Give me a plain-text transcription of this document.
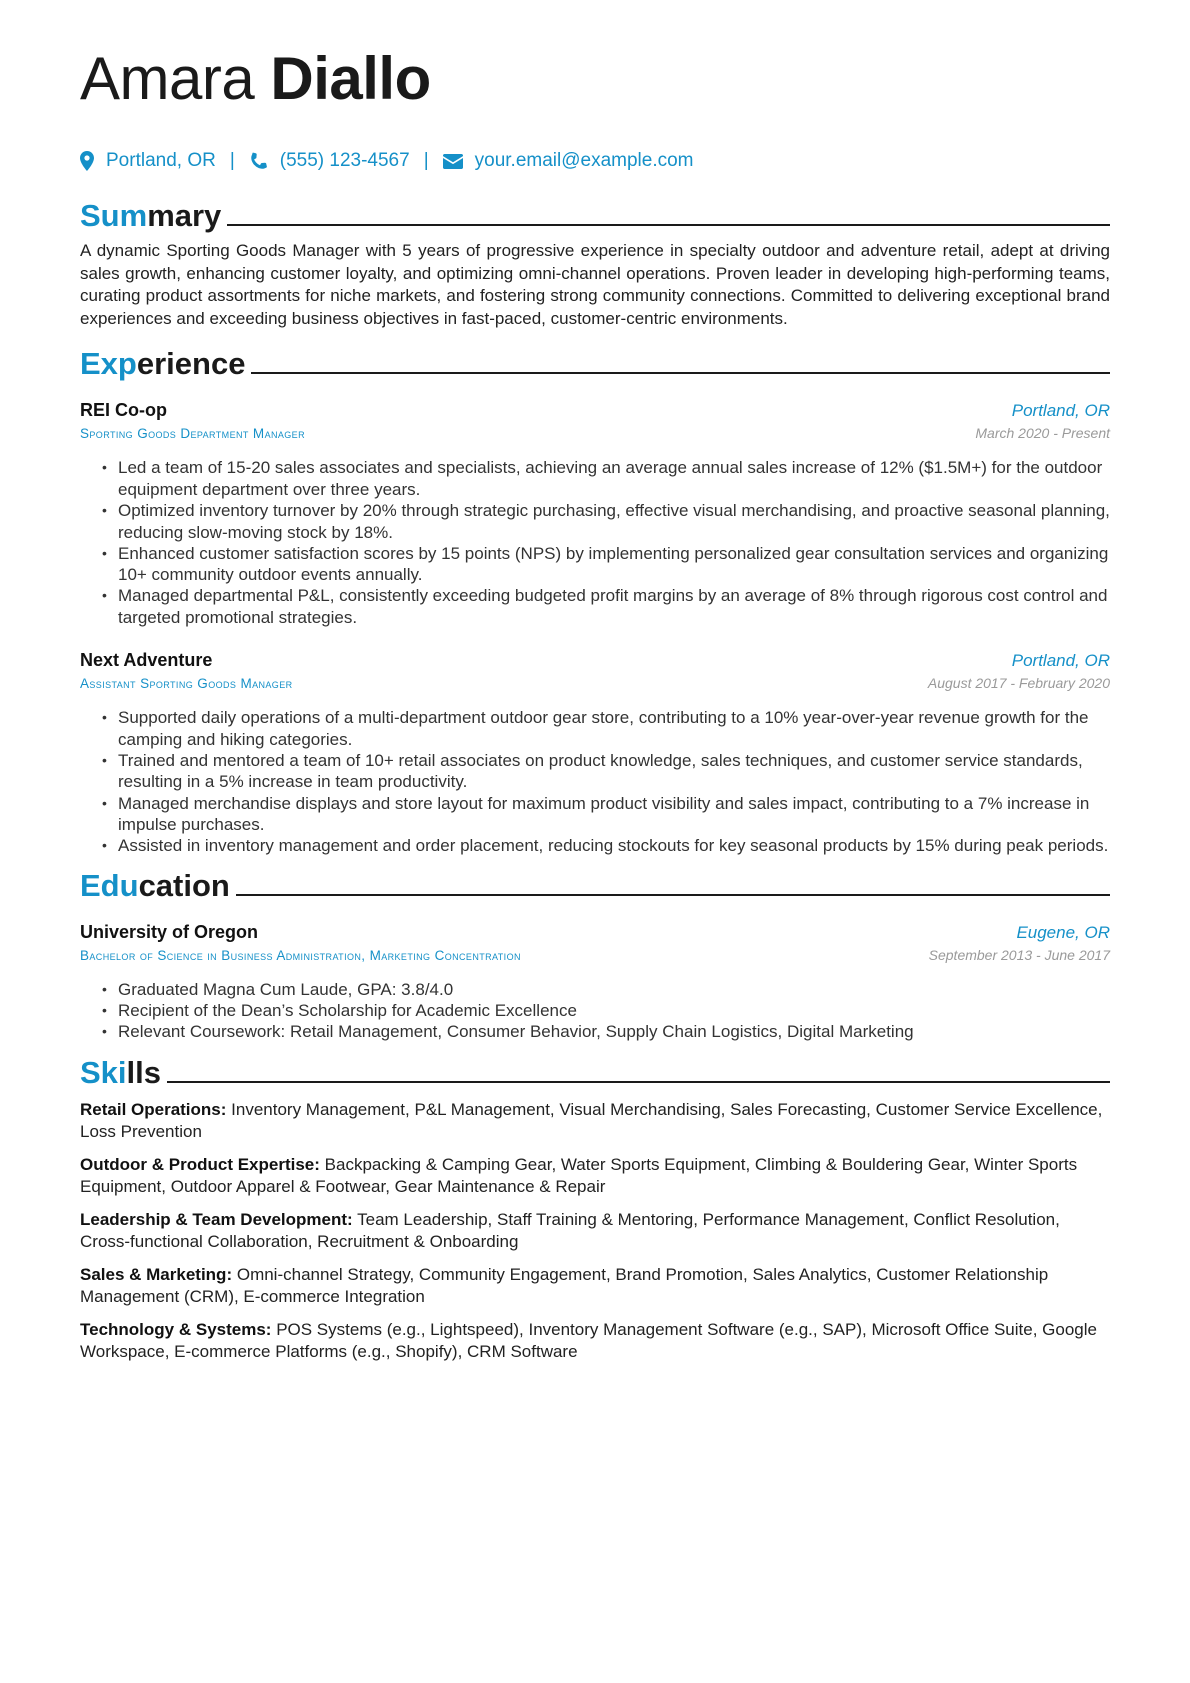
Amara Diallo
Portland, OR | (555) 123-4567 | your.email@example.com
Summary

A dynamic Sporting Goods Manager with 5 years of progressive experience in specialty outdoor and adventure retail, adept at driving sales growth, enhancing customer loyalty, and optimizing omni-channel operations. Proven leader in developing high-performing teams, curating product assortments for niche markets, and fostering strong community connections. Committed to delivering exceptional brand experiences and exceeding business objectives in fast-paced, customer-centric environments.

Experience
REI Co-op	Portland, OR
Sporting Goods Department Manager	March 2020 - Present
• Led a team of 15-20 sales associates and specialists, achieving an average annual sales increase of 12% ($1.5M+) for the outdoor equipment department over three years.
• Optimized inventory turnover by 20% through strategic purchasing, effective visual merchandising, and proactive seasonal planning, reducing slow-moving stock by 18%.
• Enhanced customer satisfaction scores by 15 points (NPS) by implementing personalized gear consultation services and organizing 10+ community outdoor events annually.
• Managed departmental P&L, consistently exceeding budgeted profit margins by an average of 8% through rigorous cost control and targeted promotional strategies.
Next Adventure	Portland, OR
Assistant Sporting Goods Manager	August 2017 - February 2020
• Supported daily operations of a multi-department outdoor gear store, contributing to a 10% year-over-year revenue growth for the camping and hiking categories.
• Trained and mentored a team of 10+ retail associates on product knowledge, sales techniques, and customer service standards, resulting in a 5% increase in team productivity.
• Managed merchandise displays and store layout for maximum product visibility and sales impact, contributing to a 7% increase in impulse purchases.
• Assisted in inventory management and order placement, reducing stockouts for key seasonal products by 15% during peak periods.
Education
University of Oregon	Eugene, OR
Bachelor of Science in Business Administration, Marketing Concentration	September 2013 - June 2017
• Graduated Magna Cum Laude, GPA: 3.8/4.0
• Recipient of the Dean’s Scholarship for Academic Excellence
• Relevant Coursework: Retail Management, Consumer Behavior, Supply Chain Logistics, Digital Marketing
Skills

Retail Operations: Inventory Management, P&L Management, Visual Merchandising, Sales Forecasting, Customer Service Excellence, Loss Prevention

Outdoor & Product Expertise: Backpacking & Camping Gear, Water Sports Equipment, Climbing & Bouldering Gear, Winter Sports Equipment, Outdoor Apparel & Footwear, Gear Maintenance & Repair

Leadership & Team Development: Team Leadership, Staff Training & Mentoring, Performance Management, Conflict Resolution, Cross-functional Collaboration, Recruitment & Onboarding

Sales & Marketing: Omni-channel Strategy, Community Engagement, Brand Promotion, Sales Analytics, Customer Relationship Management (CRM), E-commerce Integration

Technology & Systems: POS Systems (e.g., Lightspeed), Inventory Management Software (e.g., SAP), Microsoft Office Suite, Google Workspace, E-commerce Platforms (e.g., Shopify), CRM Software
